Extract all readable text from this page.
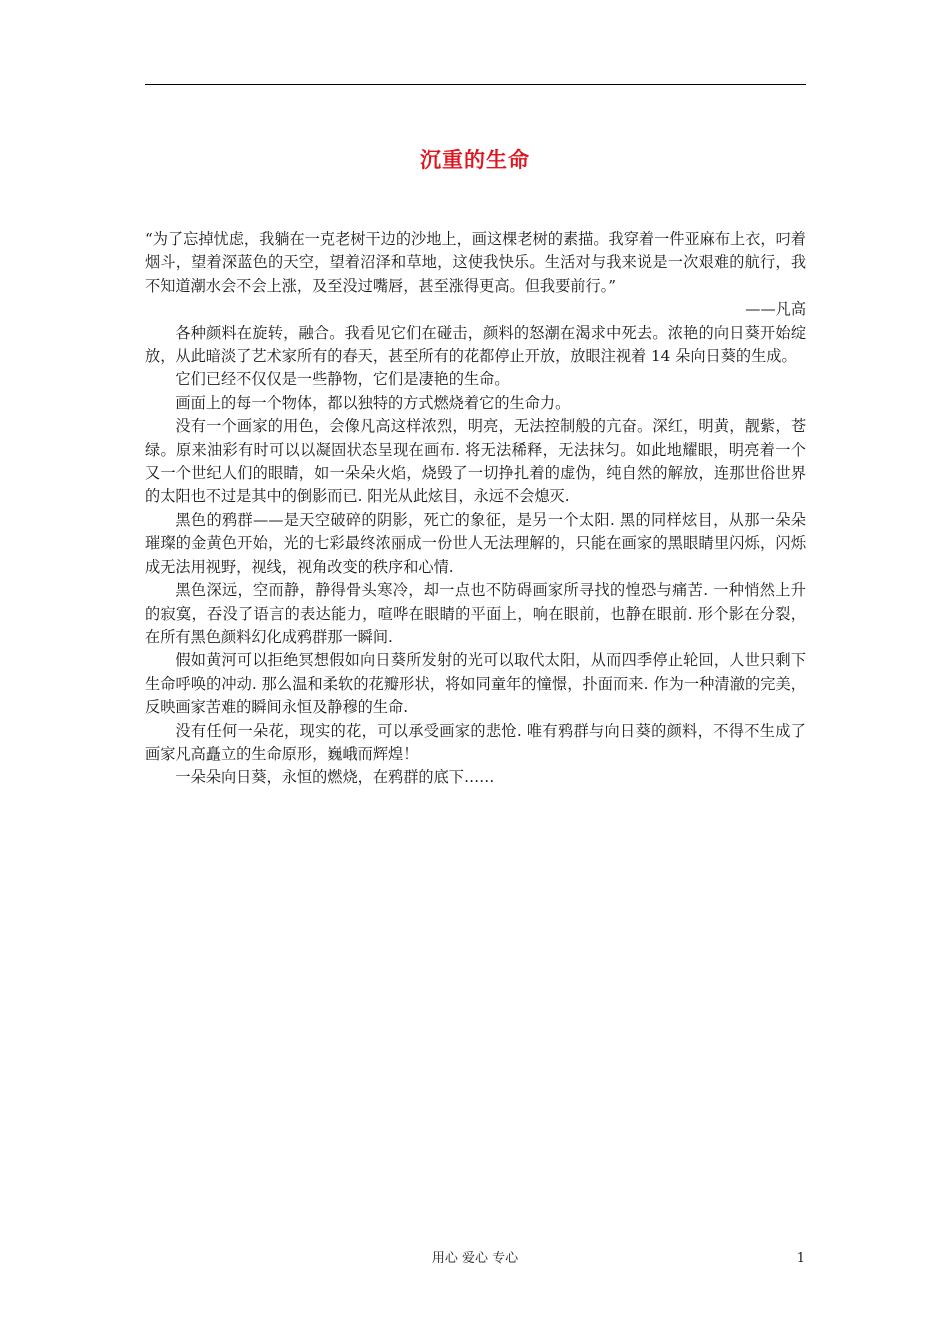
沉重的生命

“为了忘掉忧虑，我躺在一克老树干边的沙地上，画这棵老树的素描。我穿着一件亚麻布上衣，叼着烟斗，望着深蓝色的天空，望着沼泽和草地，这使我快乐。生活对与我来说是一次艰难的航行，我不知道潮水会不会上涨，及至没过嘴唇，甚至涨得更高。但我要前行。”

——凡高

各种颜料在旋转，融合。我看见它们在碰击，颜料的怒潮在渴求中死去。浓艳的向日葵开始绽放，从此暗淡了艺术家所有的春天，甚至所有的花都停止开放，放眼注视着 14 朵向日葵的生成。

它们已经不仅仅是一些静物，它们是凄艳的生命。

画面上的每一个物体，都以独特的方式燃烧着它的生命力。

没有一个画家的用色，会像凡高这样浓烈，明亮，无法控制般的亢奋。深红，明黄，靓紫，苍绿。原来油彩有时可以以凝固状态呈现在画布. 将无法稀释，无法抹匀。如此地耀眼，明亮着一个又一个世纪人们的眼睛，如一朵朵火焰，烧毁了一切挣扎着的虚伪，纯自然的解放，连那世俗世界的太阳也不过是其中的倒影而已. 阳光从此炫目，永远不会熄灭.

黑色的鸦群——是天空破碎的阴影，死亡的象征，是另一个太阳. 黑的同样炫目，从那一朵朵璀璨的金黄色开始，光的七彩最终浓丽成一份世人无法理解的，只能在画家的黑眼睛里闪烁，闪烁成无法用视野，视线，视角改变的秩序和心情.

黑色深远，空而静，静得骨头寒冷，却一点也不防碍画家所寻找的惶恐与痛苦. 一种悄然上升的寂寞，吞没了语言的表达能力，喧哗在眼睛的平面上，响在眼前，也静在眼前. 形个影在分裂，在所有黑色颜料幻化成鸦群那一瞬间.

假如黄河可以拒绝冥想假如向日葵所发射的光可以取代太阳，从而四季停止轮回，人世只剩下生命呼唤的冲动. 那么温和柔软的花瓣形状，将如同童年的憧憬，扑面而来. 作为一种清澈的完美，反映画家苦难的瞬间永恒及静穆的生命.

没有任何一朵花，现实的花，可以承受画家的悲怆. 唯有鸦群与向日葵的颜料，不得不生成了画家凡高矗立的生命原形，巍峨而辉煌！

一朵朵向日葵，永恒的燃烧，在鸦群的底下……

用心 爱心 专心	1
